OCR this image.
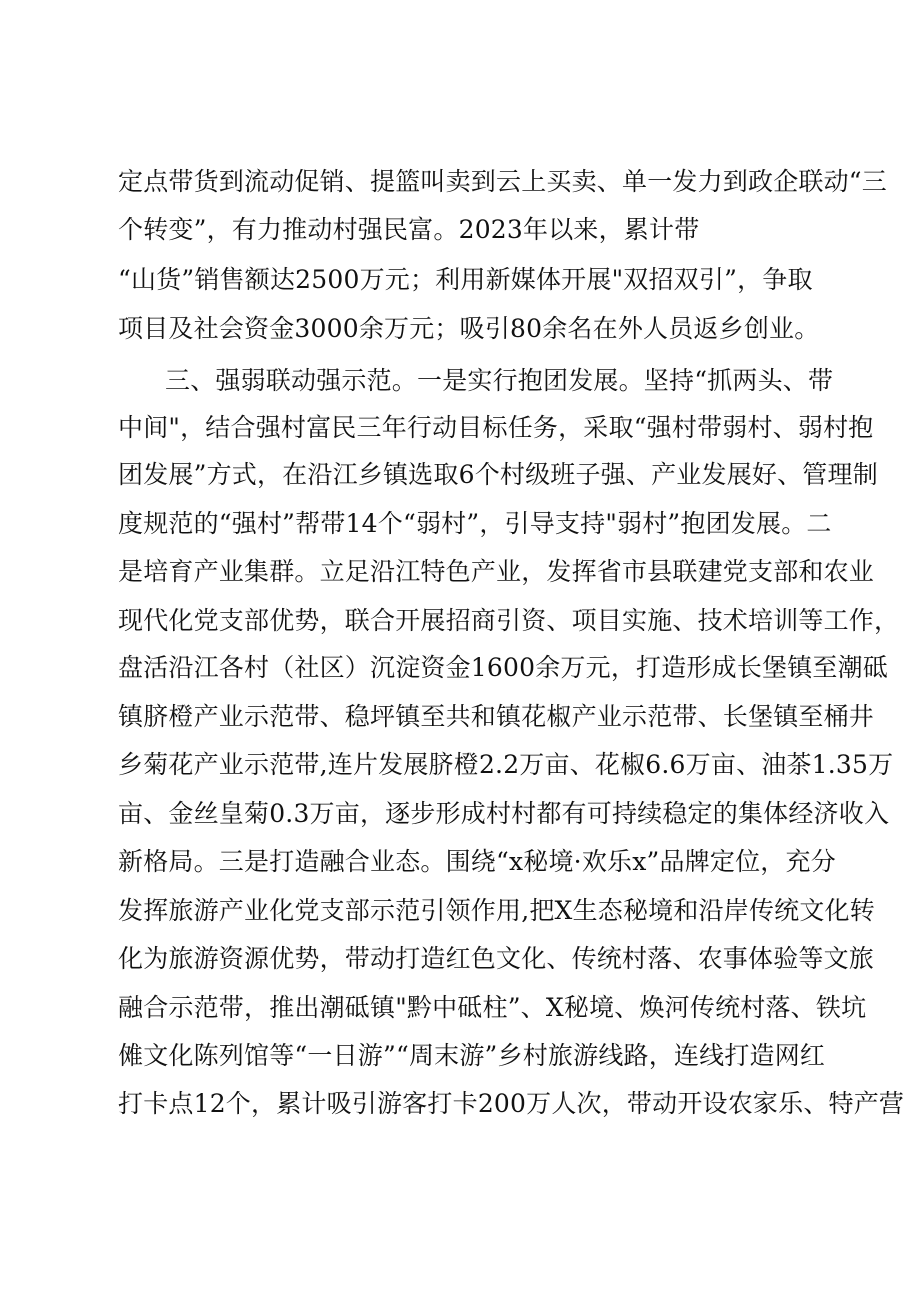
定点带货到流动促销、提篮叫卖到云上买卖、单一发力到政企联动“三
个转变”，有力推动村强民富。2023年以来，累计带
“山货”销售额达2500万元；利用新媒体开展"双招双引”，争取
项目及社会资金3000余万元；吸引80余名在外人员返乡创业。
三、强弱联动强示范。一是实行抱团发展。坚持“抓两头、带
中间"，结合强村富民三年行动目标任务，采取“强村带弱村、弱村抱
团发展”方式，在沿江乡镇选取6个村级班子强、产业发展好、管理制
度规范的“强村”帮带14个“弱村”，引导支持"弱村”抱团发展。二
是培育产业集群。立足沿江特色产业，发挥省市县联建党支部和农业
现代化党支部优势，联合开展招商引资、项目实施、技术培训等工作，
盘活沿江各村（社区）沉淀资金1600余万元，打造形成长堡镇至潮砥
镇脐橙产业示范带、稳坪镇至共和镇花椒产业示范带、长堡镇至桶井
乡菊花产业示范带,连片发展脐橙2.2万亩、花椒6.6万亩、油茶1.35万
亩、金丝皇菊0.3万亩，逐步形成村村都有可持续稳定的集体经济收入
新格局。三是打造融合业态。围绕“x秘境·欢乐x”品牌定位，充分
发挥旅游产业化党支部示范引领作用,把X生态秘境和沿岸传统文化转
化为旅游资源优势，带动打造红色文化、传统村落、农事体验等文旅
融合示范带，推出潮砥镇"黔中砥柱”、X秘境、焕河传统村落、铁坑
傩文化陈列馆等“一日游”“周末游”乡村旅游线路，连线打造网红
打卡点12个，累计吸引游客打卡200万人次，带动开设农家乐、特产营
